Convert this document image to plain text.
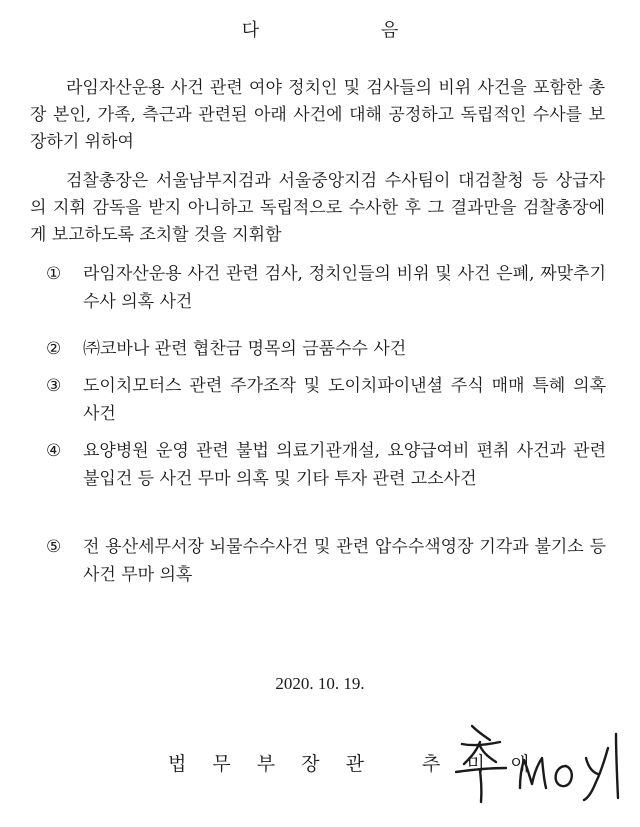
다 음
라임자산운용 사건 관련 여야 정치인 및 검사들의 비위 사건을 포함한 총장 본인, 가족, 측근과 관련된 아래 사건에 대해 공정하고 독립적인 수사를 보장하기 위하여
검찰총장은 서울남부지검과 서울중앙지검 수사팀이 대검찰청 등 상급자의 지휘 감독을 받지 아니하고 독립적으로 수사한 후 그 결과만을 검찰총장에게 보고하도록 조치할 것을 지휘함
①	라임자산운용 사건 관련 검사, 정치인들의 비위 및 사건 은폐, 짜맞추기 수사 의혹 사건
②	㈜코바나 관련 협찬금 명목의 금품수수 사건
③	도이치모터스 관련 주가조작 및 도이치파이낸셜 주식 매매 특혜 의혹 사건
④	요양병원 운영 관련 불법 의료기관개설, 요양급여비 편취 사건과 관련 불입건 등 사건 무마 의혹 및 기타 투자 관련 고소사건
⑤	전 용산세무서장 뇌물수수사건 및 관련 압수수색영장 기각과 불기소 등 사건 무마 의혹
2020. 10. 19.
법 무 부 장 관   추 미 애
